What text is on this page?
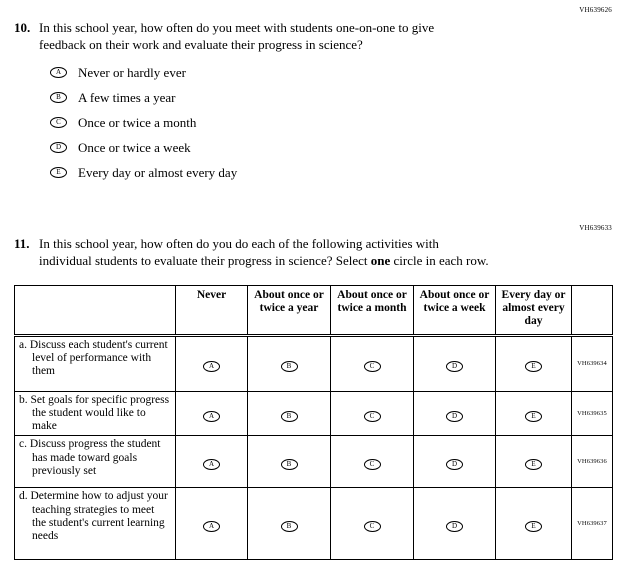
VH639626
VH639633
10. In this school year, how often do you meet with students one-on-one to give
feedback on their work and evaluate their progress in science?
A	Never or hardly ever
B	A few times a year
C	Once or twice a month
D	Once or twice a week
E	Every day or almost every day
11. In this school year, how often do you do each of the following activities with
individual students to evaluate their progress in science? Select one circle in each row.
	Never	About once or twice a year	About once or twice a month	About once or twice a week	Every day or almost every day	

a. Discuss each student's current level of performance with them	A	B	C	D	E	VH639634

b. Set goals for specific progress the student would like to make	A	B	C	D	E	VH639635

c. Discuss progress the student has made toward goals previously set	A	B	C	D	E	VH639636

d. Determine how to adjust your teaching strategies to meet the student's current learning needs	A	B	C	D	E	VH639637
